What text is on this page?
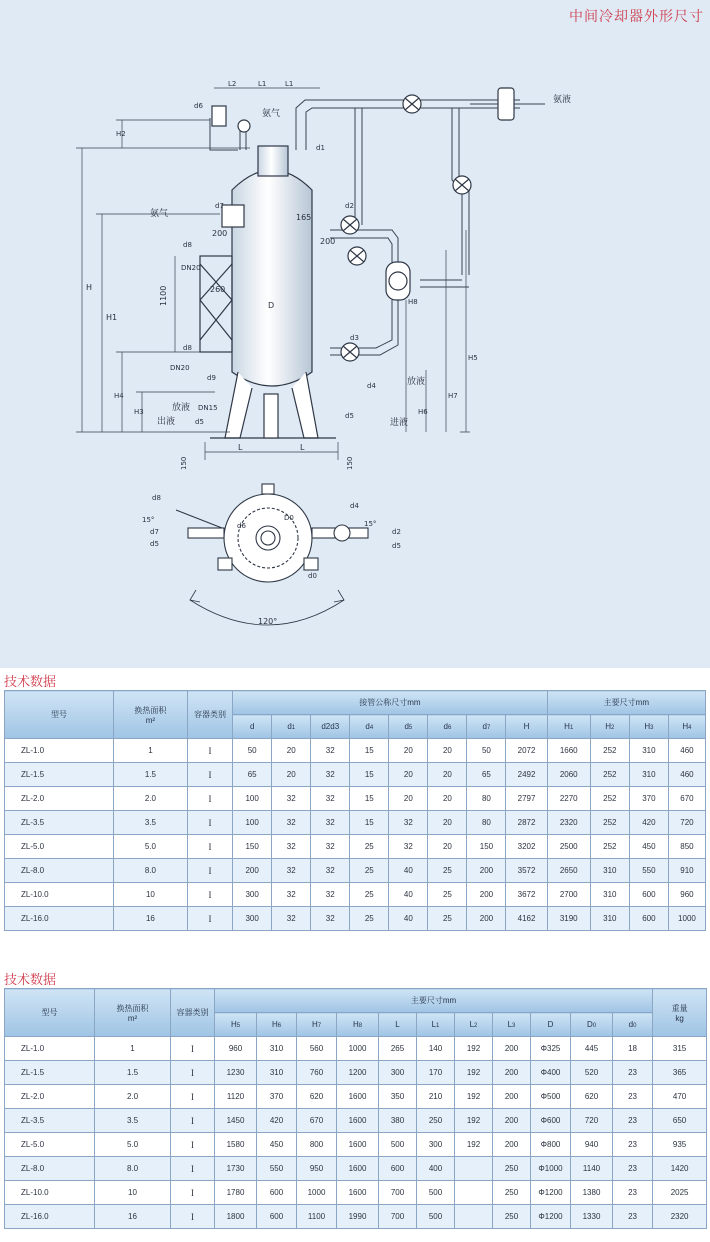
中间冷却器外形尺寸
氨气
氨液
氨气
放液
进液
放液
出液
d6
d1
d2
d7
d8
d8
d3
d4
d5
d5
d9
DN20
DN20
DN15
165
200
200
260
1100	D
H
H1
H2
H3
H4
H5
H6
H7
H8
L	L
L1	L1
L2
150	150
d8
d4
15°	15°
d6
d7
d5
d2
d5
d0
D0
120°
技术数据
型号	换热面积
m²	容器类别	接管公称尺寸mm								主要尺寸mm			
			d	d1	d2d3	d4	d5	d6	d7	H	H1	H2	H3	H4
ZL-1.0	1	I	50	20	32	15	20	20	50	2072	1660	252	310	460
ZL-1.5	1.5	I	65	20	32	15	20	20	65	2492	2060	252	310	460
ZL-2.0	2.0	I	100	32	32	15	20	20	80	2797	2270	252	370	670
ZL-3.5	3.5	I	100	32	32	15	32	20	80	2872	2320	252	420	720
ZL-5.0	5.0	I	150	32	32	25	32	20	150	3202	2500	252	450	850
ZL-8.0	8.0	I	200	32	32	25	40	25	200	3572	2650	310	550	910
ZL-10.0	10	I	300	32	32	25	40	25	200	3672	2700	310	600	960
ZL-16.0	16	I	300	32	32	25	40	25	200	4162	3190	310	600	1000
技术数据
型号	换热面积
m²	容器类别	主要尺寸mm											重量
kg
			H5	H6	H7	H8	L	L1	L2	L3	D	D0	d0	
ZL-1.0	1	I	960	310	560	1000	265	140	192	200	Φ325	445	18	315
ZL-1.5	1.5	I	1230	310	760	1200	300	170	192	200	Φ400	520	23	365
ZL-2.0	2.0	I	1120	370	620	1600	350	210	192	200	Φ500	620	23	470
ZL-3.5	3.5	I	1450	420	670	1600	380	250	192	200	Φ600	720	23	650
ZL-5.0	5.0	I	1580	450	800	1600	500	300	192	200	Φ800	940	23	935
ZL-8.0	8.0	I	1730	550	950	1600	600	400		250	Φ1000	1140	23	1420
ZL-10.0	10	I	1780	600	1000	1600	700	500		250	Φ1200	1380	23	2025
ZL-16.0	16	I	1800	600	1100	1990	700	500		250	Φ1200	1330	23	2320
